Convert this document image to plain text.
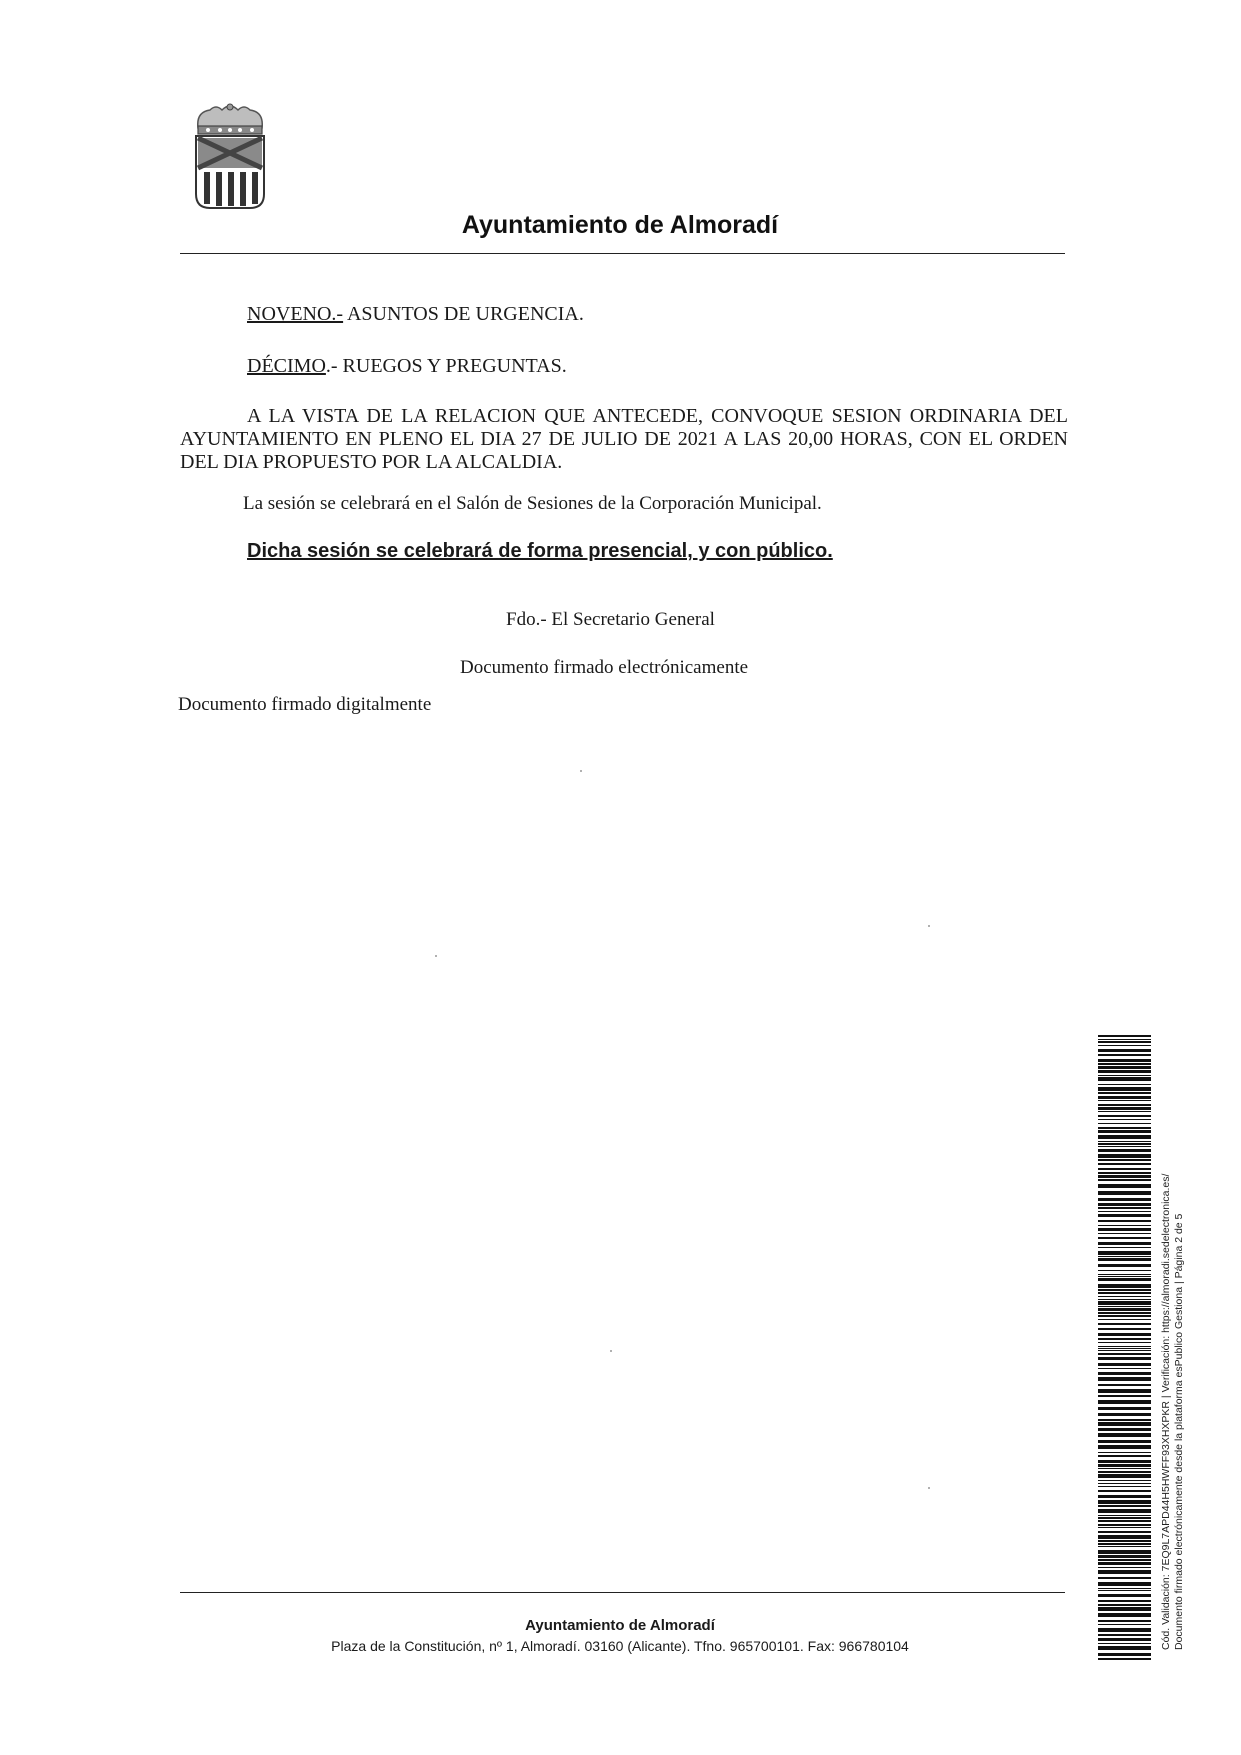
Ayuntamiento de Almoradí
NOVENO.- ASUNTOS DE URGENCIA.
DÉCIMO.- RUEGOS Y PREGUNTAS.
A LA VISTA DE LA RELACION QUE ANTECEDE, CONVOQUE SESION ORDINARIA DEL AYUNTAMIENTO EN PLENO EL DIA 27 DE JULIO DE 2021 A LAS 20,00 HORAS, CON EL ORDEN DEL DIA PROPUESTO POR LA ALCALDIA.
La sesión se celebrará en el Salón de Sesiones de la Corporación Municipal.
Dicha sesión se celebrará de forma presencial, y con público.
Fdo.- El Secretario General
Documento firmado electrónicamente
Documento firmado digitalmente
Ayuntamiento de Almoradí
Plaza de la Constitución, nº 1, Almoradí. 03160 (Alicante). Tfno. 965700101. Fax: 966780104	Cód. Validación: 7EQ9L7APD44H5HWFF93XHXPKR | Verificación: https://almoradi.sedelectronica.es/ Documento firmado electrónicamente desde la plataforma esPublico Gestiona | Página 2 de 5
